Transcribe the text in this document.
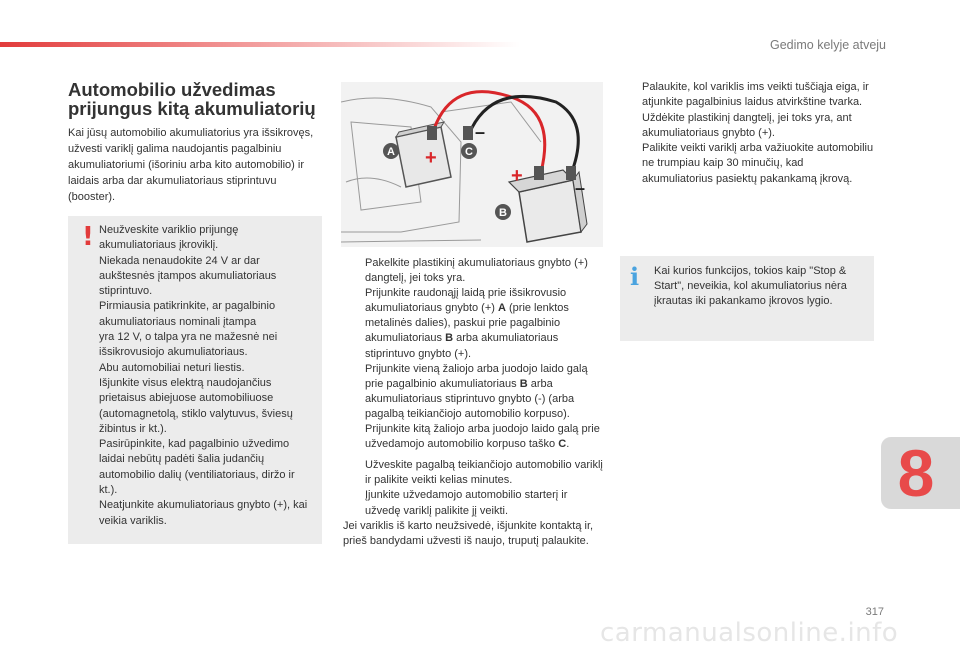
Gedimo kelyje atveju
8
Automobilio užvedimas prijungus kitą akumuliatorių

Kai jūsų automobilio akumuliatorius yra išsikrovęs, užvesti variklį galima naudojantis pagalbiniu akumuliatoriumi (išoriniu arba kito automobilio) ir laidais arba dar akumuliatoriaus stiprintuvu (booster).

! Neužveskite variklio prijungę akumuliatoriaus įkroviklį.
Niekada nenaudokite 24 V ar dar aukštesnės įtampos akumuliatoriaus stiprintuvo.
Pirmiausia patikrinkite, ar pagalbinio akumuliatoriaus nominali įtampa
yra 12 V, o talpa yra ne mažesnė nei išsikrovusiojo akumuliatoriaus.
Abu automobiliai neturi liestis.
Išjunkite visus elektrą naudojančius prietaisus abiejuose automobiliuose (automagnetolą, stiklo valytuvus, šviesų žibintus ir kt.).
Pasirūpinkite, kad pagalbinio užvedimo laidai nebūtų padėti šalia judančių automobilio dalių (ventiliatoriaus, diržo ir kt.).
Neatjunkite akumuliatoriaus gnybto (+), kai veikia variklis.
+
–
+
–
A	C
B
Pakelkite plastikinį akumuliatoriaus gnybto (+) dangtelį, jei toks yra.
Prijunkite raudonąjį laidą prie išsikrovusio akumuliatoriaus gnybto (+) A (prie lenktos metalinės dalies), paskui prie pagalbinio akumuliatoriaus B arba akumuliatoriaus stiprintuvo gnybto (+).
Prijunkite vieną žaliojo arba juodojo laido galą prie pagalbinio akumuliatoriaus B arba akumuliatoriaus stiprintuvo gnybto (-) (arba pagalbą teikiančiojo automobilio korpuso).
Prijunkite kitą žaliojo arba juodojo laido galą prie užvedamojo automobilio korpuso taško C.
Užveskite pagalbą teikiančiojo automobilio variklį ir palikite veikti kelias minutes.
Įjunkite užvedamojo automobilio starterį ir užvedę variklį palikite jį veikti.
Jei variklis iš karto neužsivedė, išjunkite kontaktą ir, prieš bandydami užvesti iš naujo, truputį palaukite.
Palaukite, kol variklis ims veikti tuščiąja eiga, ir atjunkite pagalbinius laidus atvirkštine tvarka.
Uždėkite plastikinį dangtelį, jei toks yra, ant akumuliatoriaus gnybto (+).
Palikite veikti variklį arba važiuokite automobiliu ne trumpiau kaip 30 minučių, kad akumuliatorius pasiektų pakankamą įkrovą.
i Kai kurios funkcijos, tokios kaip "Stop & Start", neveikia, kol akumuliatorius nėra įkrautas iki pakankamo įkrovos lygio.
317
carmanualsonline.info
